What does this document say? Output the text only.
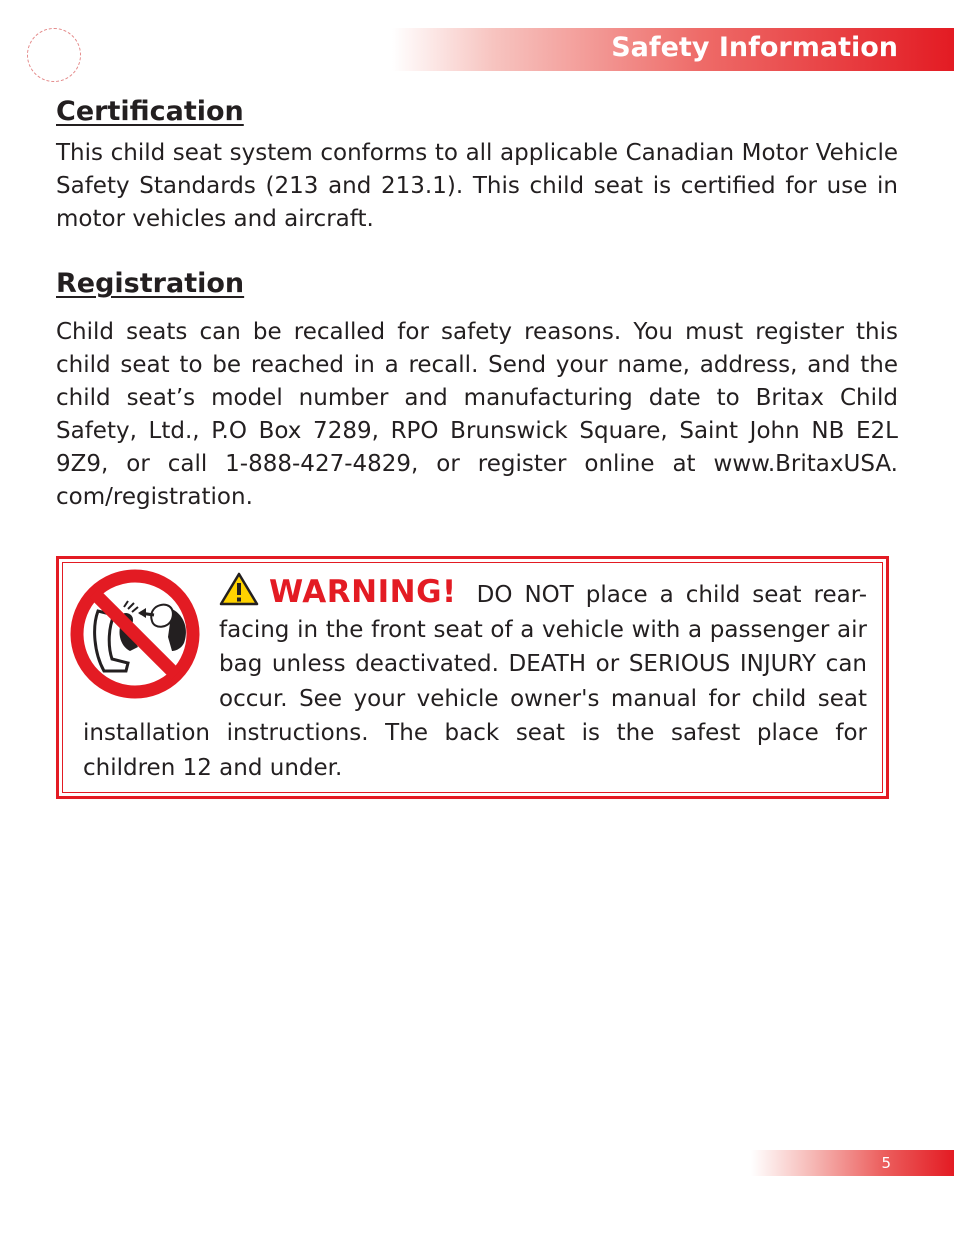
Safety Information
Certification

This child seat system conforms to all applicable Canadian Motor Vehicle Safety Standards (213 and 213.1). This child seat is certified for use in motor vehicles and aircraft.

Registration

Child seats can be recalled for safety reasons. You must register this child seat to be reached in a recall. Send your name, address, and the child seat’s model number and manufacturing date to Britax Child Safety, Ltd., P.O Box 7289, RPO Brunswick Square, Saint John NB E2L 9Z9, or call 1-888-427-4829, or register online at www.BritaxUSA. com/registration.

WARNING! DO NOT place a child seat rear-facing in the front seat of a vehicle with a passenger air bag unless deactivated. DEATH or SERIOUS INJURY can occur. See your vehicle owner's manual for child seat installation instructions. The back seat is the safest place for children 12 and under.

5
